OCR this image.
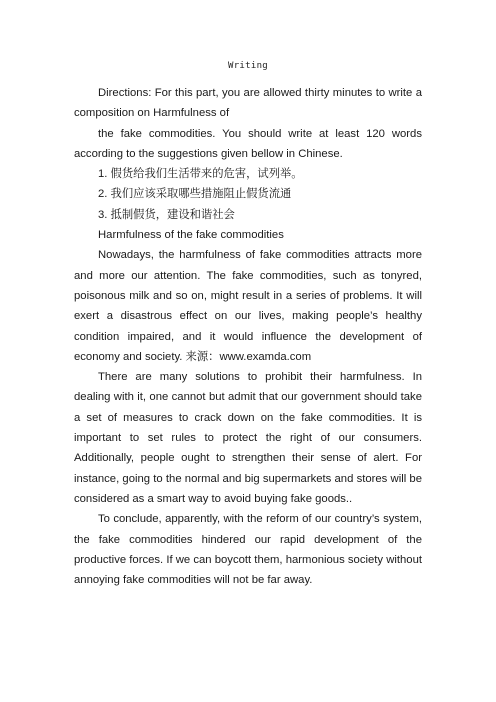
Writing

Directions: For this part, you are allowed thirty minutes to write a composition on Harmfulness of

the fake commodities. You should write at least 120 words according to the suggestions given bellow in Chinese.

1. 假货给我们生活带来的危害，试列举。

2. 我们应该采取哪些措施阻止假货流通

3. 抵制假货，建设和谐社会

Harmfulness of the fake commodities

Nowadays, the harmfulness of fake commodities attracts more and more our attention. The fake commodities, such as tonyred, poisonous milk and so on, might result in a series of problems. It will exert a disastrous effect on our lives, making people’s healthy condition impaired, and it would influence the development of economy and society. 来源：www.examda.com

There are many solutions to prohibit their harmfulness. In dealing with it, one cannot but admit that our government should take a set of measures to crack down on the fake commodities. It is important to set rules to protect the right of our consumers. Additionally, people ought to strengthen their sense of alert. For instance, going to the normal and big supermarkets and stores will be considered as a smart way to avoid buying fake goods..

To conclude, apparently, with the reform of our country’s system, the fake commodities hindered our rapid development of the productive forces. If we can boycott them, harmonious society without annoying fake commodities will not be far away.
